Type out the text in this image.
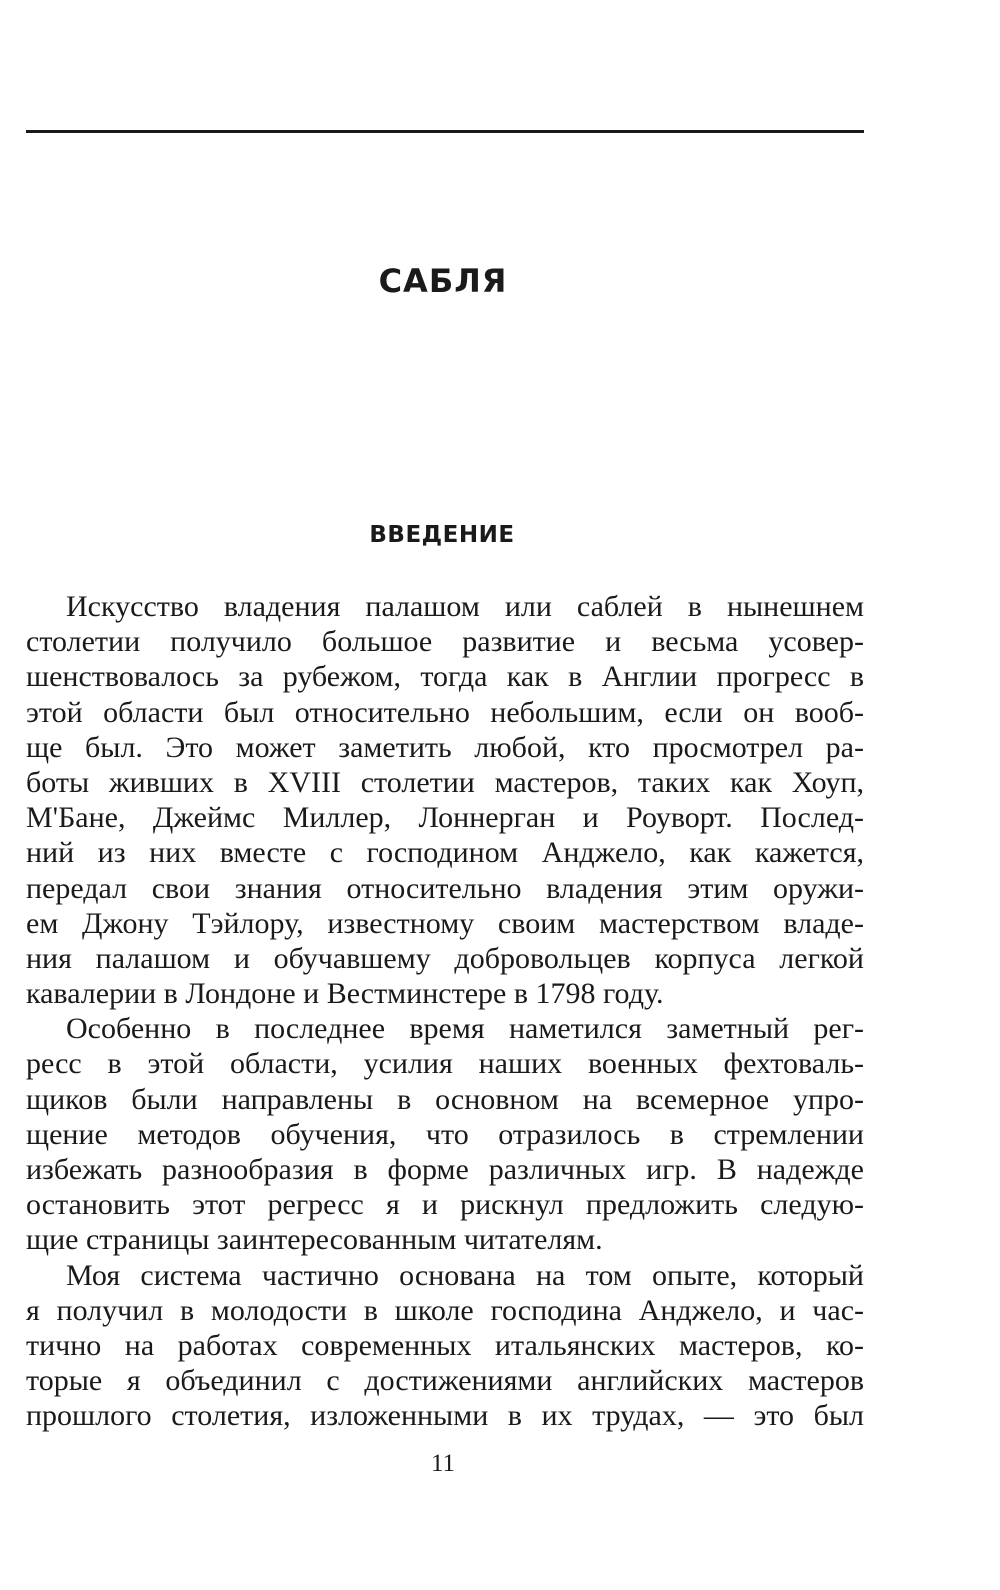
САБЛЯ
ВВЕДЕНИЕ
Искусство владения палашом или саблей в нынешнем
столетии получило большое развитие и весьма усовер-
шенствовалось за рубежом, тогда как в Англии прогресс в
этой области был относительно небольшим, если он вооб-
ще был. Это может заметить любой, кто просмотрел ра-
боты живших в XVIII столетии мастеров, таких как Хоуп,
М'Бане, Джеймс Миллер, Лоннерган и Роуворт. Послед-
ний из них вместе с господином Анджело, как кажется,
передал свои знания относительно владения этим оружи-
ем Джону Тэйлору, известному своим мастерством владе-
ния палашом и обучавшему добровольцев корпуса легкой
кавалерии в Лондоне и Вестминстере в 1798 году.
Особенно в последнее время наметился заметный рег-
ресс в этой области, усилия наших военных фехтоваль-
щиков были направлены в основном на всемерное упро-
щение методов обучения, что отразилось в стремлении
избежать разнообразия в форме различных игр. В надежде
остановить этот регресс я и рискнул предложить следую-
щие страницы заинтересованным читателям.
Моя система частично основана на том опыте, который
я получил в молодости в школе господина Анджело, и час-
тично на работах современных итальянских мастеров, ко-
торые я объединил с достижениями английских мастеров
прошлого столетия, изложенными в их трудах, — это был
11
